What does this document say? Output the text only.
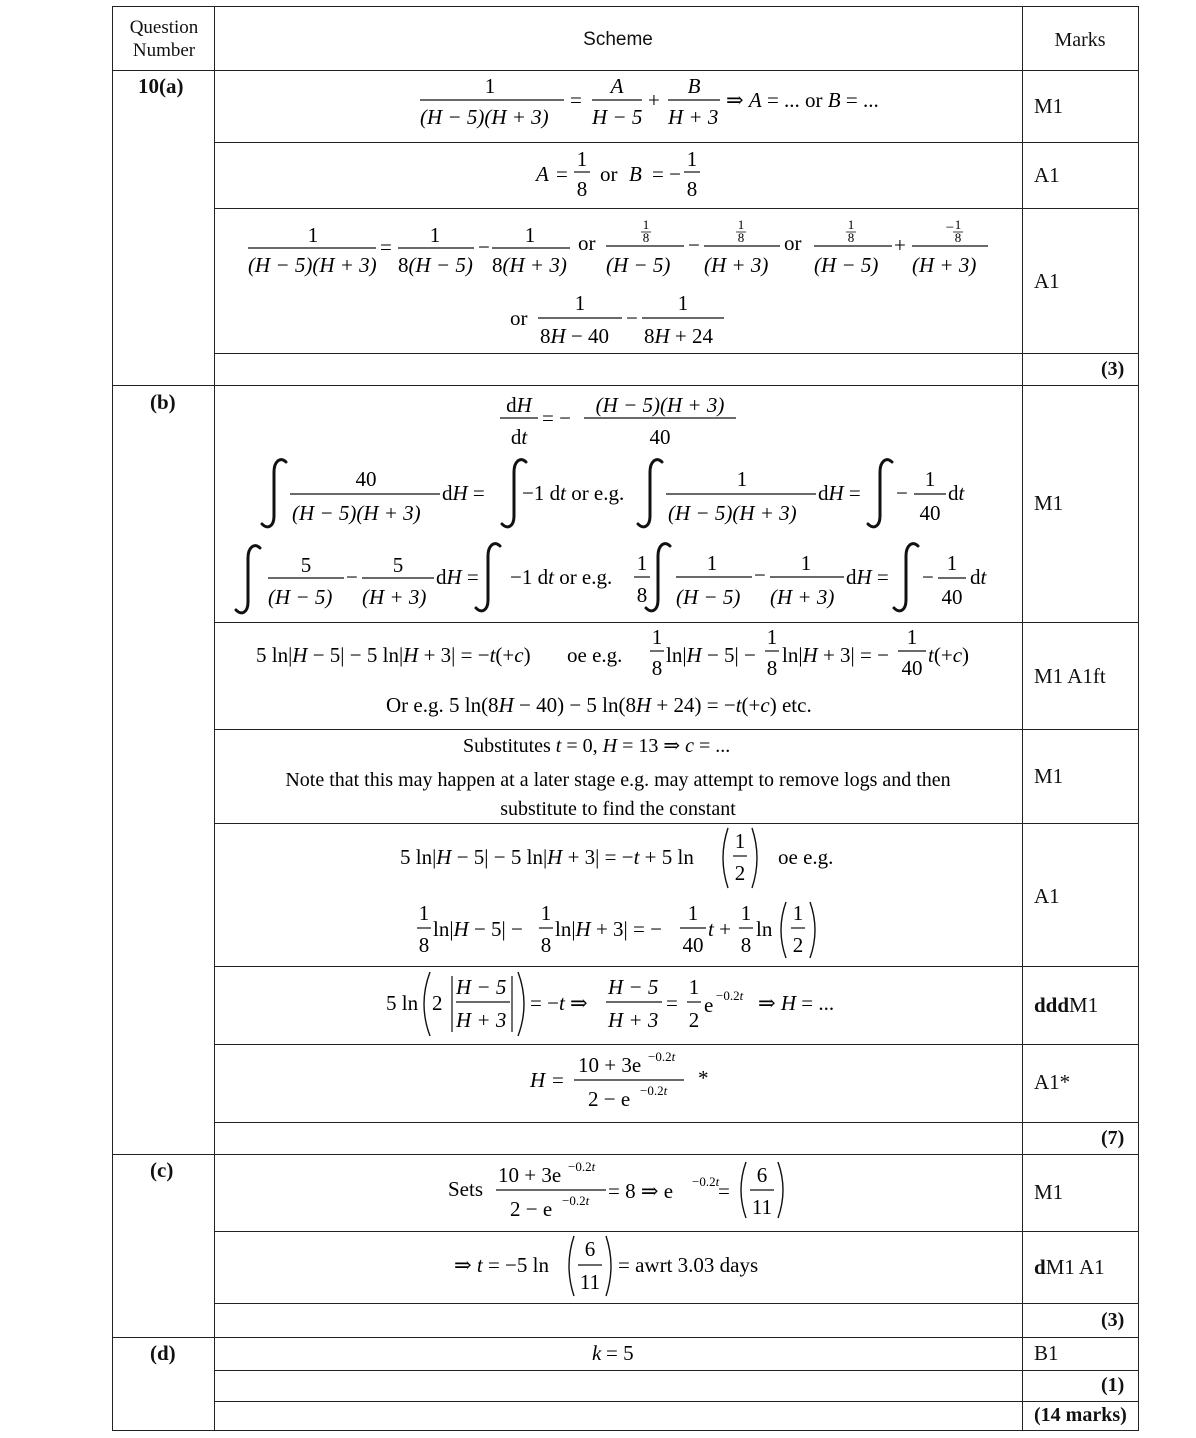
Question Number
Scheme	Marks
10(a)
(b)
(c)
(d)
M1
A1
A1
(3)
M1
M1 A1ft
M1
A1
dddM1
A1*
(7)
M1
dM1 A1
(3)
B1
(1)
(14 marks)
1
(H − 5)(H + 3)
=
A
H − 5
+
B
H + 3
⇒ A = ... or B = ...
A =
1
8
or B = −
1
8
1
(H − 5)(H + 3)
= 1
8(H − 5)
− 1
8(H + 3)
or
1
8
(H − 5)
−
1
8
(H + 3)
or
1
8
(H − 5)
+
− 1
8
(H + 3)
or
1
8H − 40
−
1
8H + 24
dH
dt
= −
(H − 5)(H + 3)
40
40
(H − 5)(H + 3)
dH = −1 dt or e.g.
1
(H − 5)(H + 3)
dH = −
1
40
dt
5
(H − 5)
− 5
(H + 3)
dH = −1 dt or e.g.
1
8
1
(H − 5)
− 1
(H + 3)
dH = −
1
40
dt
5 ln|H − 5| − 5 ln|H + 3| = −t(+c) oe e.g.
1
8
ln|H − 5| −
1
8
ln|H + 3| = −
1
40
t(+c)
Or e.g. 5 ln(8H − 40) − 5 ln(8H + 24) = −t(+c) etc.
Substitutes t = 0, H = 13 ⇒ c = ...
Note that this may happen at a later stage e.g. may attempt to remove logs and then
substitute to find the constant
5 ln|H − 5| − 5 ln|H + 3| = −t + 5 ln
1
2
oe e.g.
1
8
ln|H − 5| −
1
8
ln|H + 3| = −
1
40
t +
1
8
ln
1
2
5 ln 2
H − 5
H + 3
= −t ⇒
H − 5
H + 3
=
1
2
e −0.2t ⇒ H = ...
H =
10 + 3e −0.2t
2 − e −0.2t
*
Sets
10 + 3e −0.2t
2 − e −0.2t = 8 ⇒ e −0.2t
=
6
11
⇒ t = −5 ln
6
11
= awrt 3.03 days
k = 5
